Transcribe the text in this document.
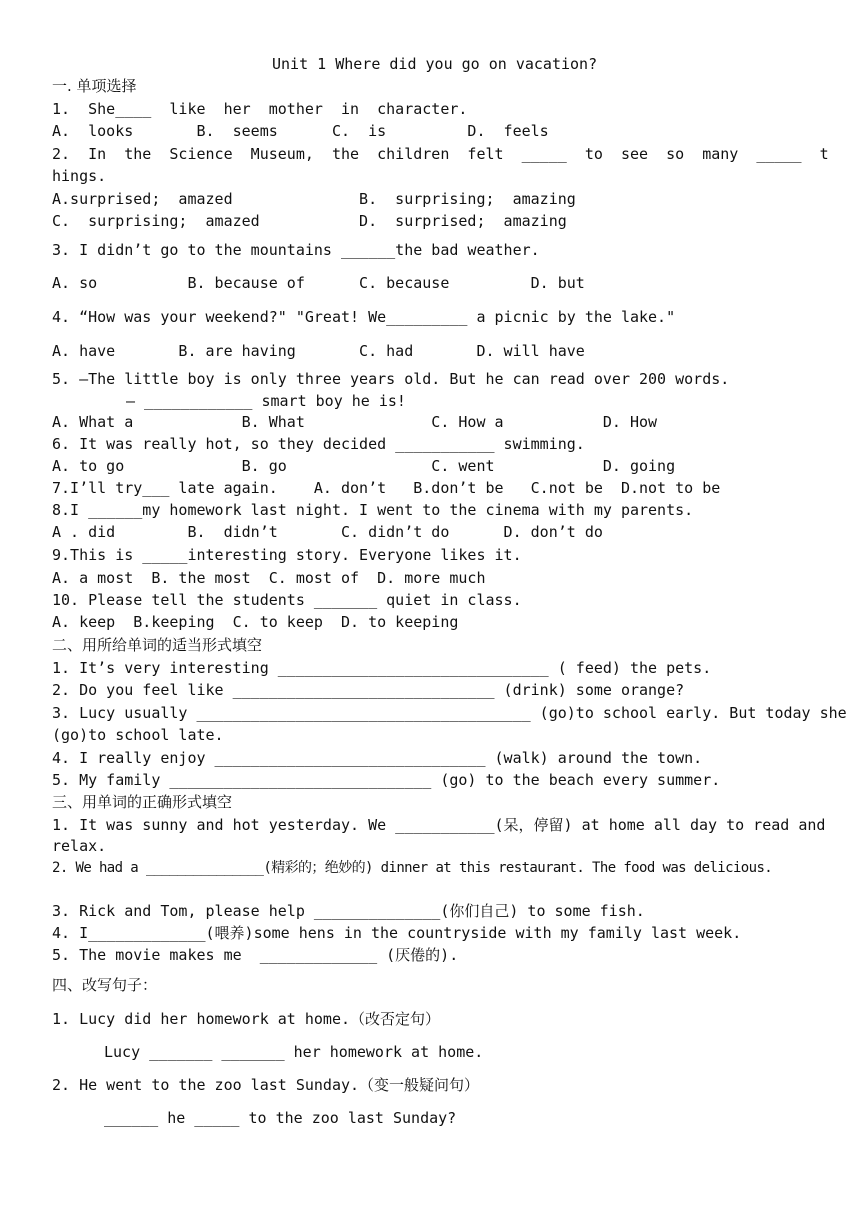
Unit 1 Where did you go on vacation?
一. 单项选择
1.  She____  like  her  mother  in  character.
A.  looks       B.  seems      C.  is         D.  feels
2.  In  the  Science  Museum,  the  children  felt  _____  to  see  so  many  _____  t
hings.
A.surprised;  amazed              B.  surprising;  amazing
C.  surprising;  amazed           D.  surprised;  amazing
3. I didn’t go to the mountains ______the bad weather.
A. so          B. because of      C. because         D. but
4. “How was your weekend?" "Great! We_________ a picnic by the lake."
A. have       B. are having       C. had       D. will have
5. —The little boy is only three years old. But he can read over 200 words.
— ____________ smart boy he is!
A. What a            B. What              C. How a           D. How
6. It was really hot, so they decided ___________ swimming.
A. to go             B. go                C. went            D. going
7.I’ll try___ late again.    A. don’t   B.don’t be   C.not be  D.not to be
8.I ______my homework last night. I went to the cinema with my parents.
A . did        B.  didn’t       C. didn’t do      D. don’t do
9.This is _____interesting story. Everyone likes it.
A. a most  B. the most  C. most of  D. more much
10. Please tell the students _______ quiet in class.
A. keep  B.keeping  C. to keep  D. to keeping
二、用所给单词的适当形式填空
1. It’s very interesting ______________________________ ( feed) the pets.
2. Do you feel like _____________________________ (drink) some orange?
3. Lucy usually _____________________________________ (go)to school early. But today she
(go)to school late.
4. I really enjoy ______________________________ (walk) around the town.
5. My family _____________________________ (go) to the beach every summer.
三、用单词的正确形式填空
1. It was sunny and hot yesterday. We ___________(呆，停留) at home all day to read and
relax.
2. We had a _______________(精彩的；绝妙的) dinner at this restaurant. The food was delicious.
3. Rick and Tom, please help ______________(你们自己) to some fish.
4. I_____________(喂养)some hens in the countryside with my family last week.
5. The movie makes me  _____________ (厌倦的).
四、改写句子：
1. Lucy did her homework at home.（改否定句）
Lucy _______ _______ her homework at home.
2. He went to the zoo last Sunday.（变一般疑问句）
______ he _____ to the zoo last Sunday?
